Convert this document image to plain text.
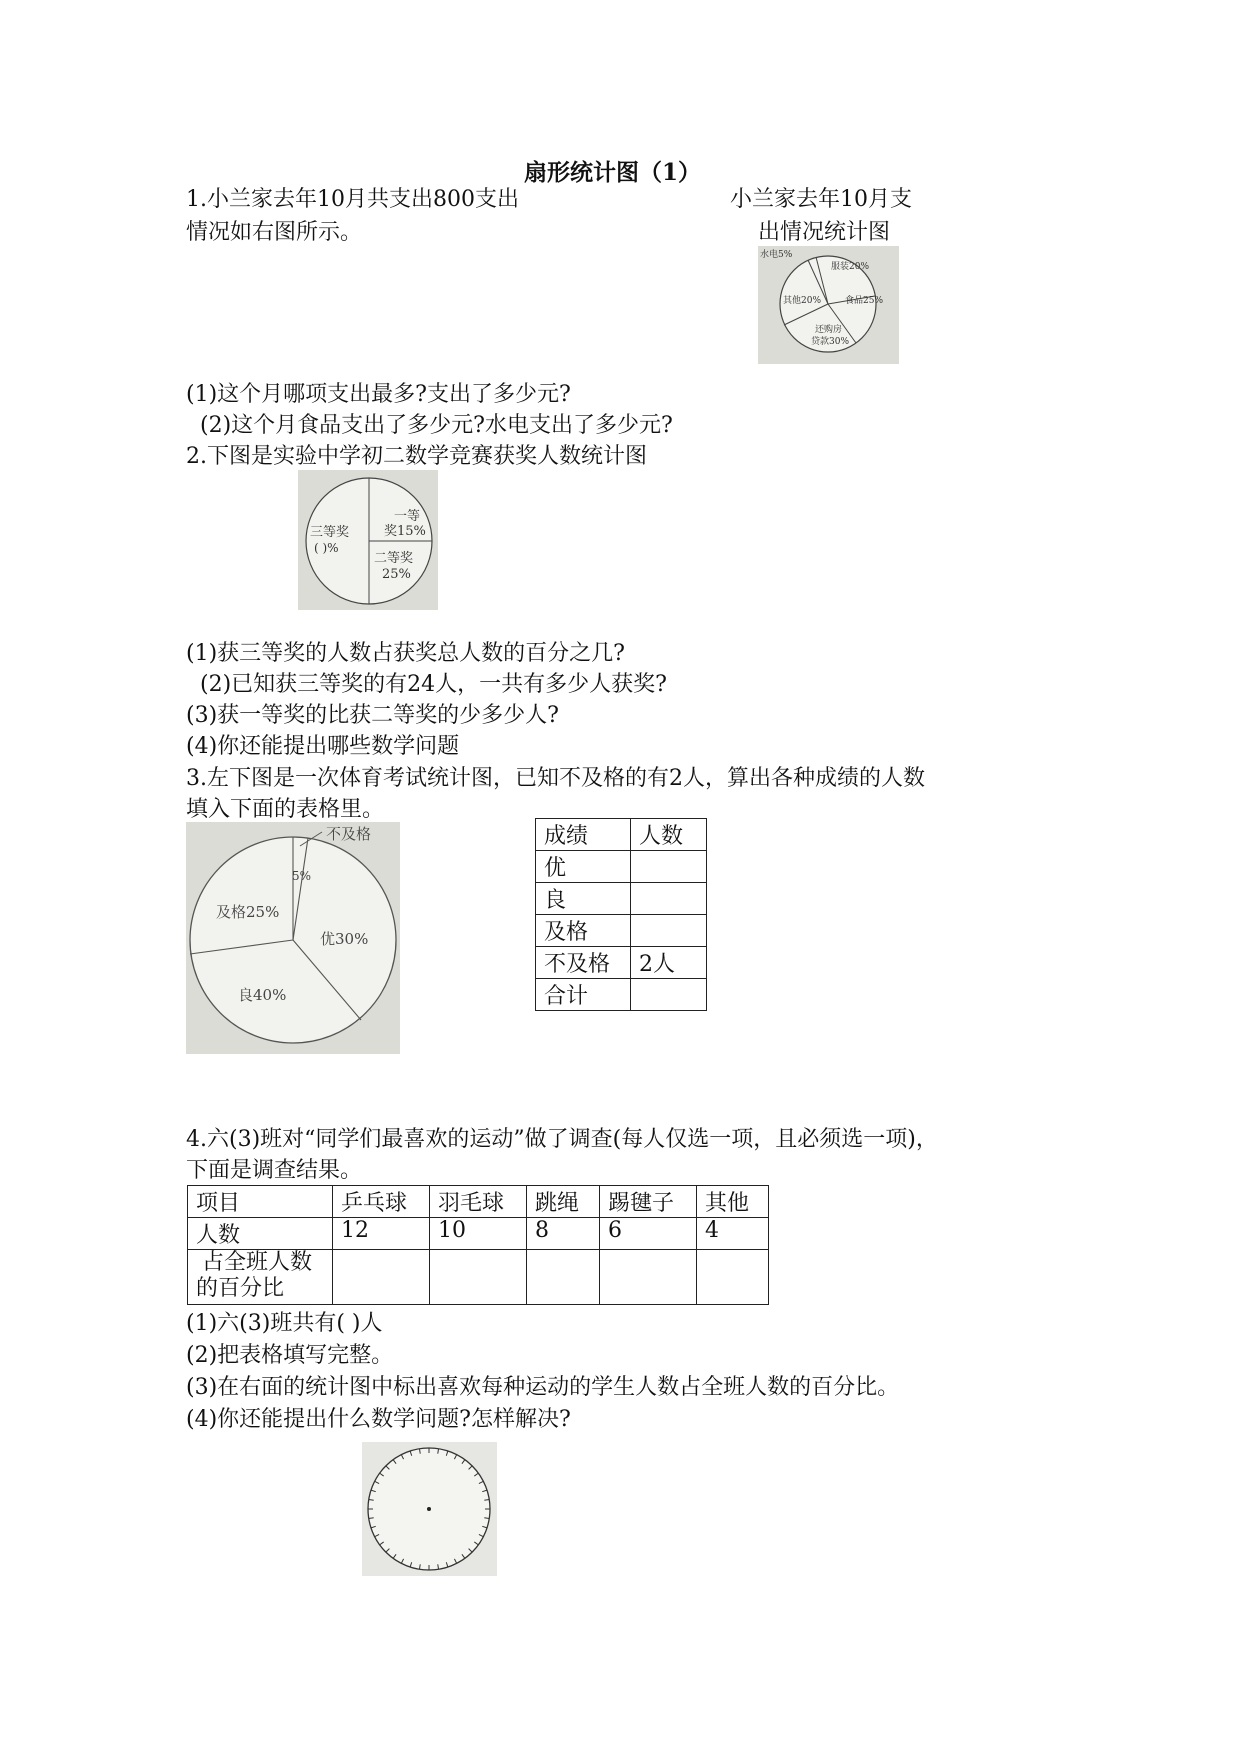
扇形统计图（1）
1.小兰家去年10月共支出800支出
情况如右图所示。
小兰家去年10月支
出情况统计图
水电5%
服装20%
食品25%
其他20%
还购房
贷款30%
(1)这个月哪项支出最多?支出了多少元?
(2)这个月食品支出了多少元?水电支出了多少元?
2.下图是实验中学初二数学竞赛获奖人数统计图
一等
奖15%
二等奖
25%
三等奖
( )%
(1)获三等奖的人数占获奖总人数的百分之几?
(2)已知获三等奖的有24人，一共有多少人获奖?
(3)获一等奖的比获二等奖的少多少人?
(4)你还能提出哪些数学问题
3.左下图是一次体育考试统计图，已知不及格的有2人，算出各种成绩的人数
填入下面的表格里。
不及格
5%
优30%
良40%
及格25%
成绩	人数
优	
良	
及格	
不及格	2人
合计	
4.六(3)班对“同学们最喜欢的运动”做了调查(每人仅选一项，且必须选一项)，
下面是调查结果。
项目	乒乓球	羽毛球	跳绳	踢毽子	其他
人数	12	10	8	6	4

占全班人数
的百分比					

(1)六(3)班共有( )人
(2)把表格填写完整。
(3)在右面的统计图中标出喜欢每种运动的学生人数占全班人数的百分比。
(4)你还能提出什么数学问题?怎样解决?
